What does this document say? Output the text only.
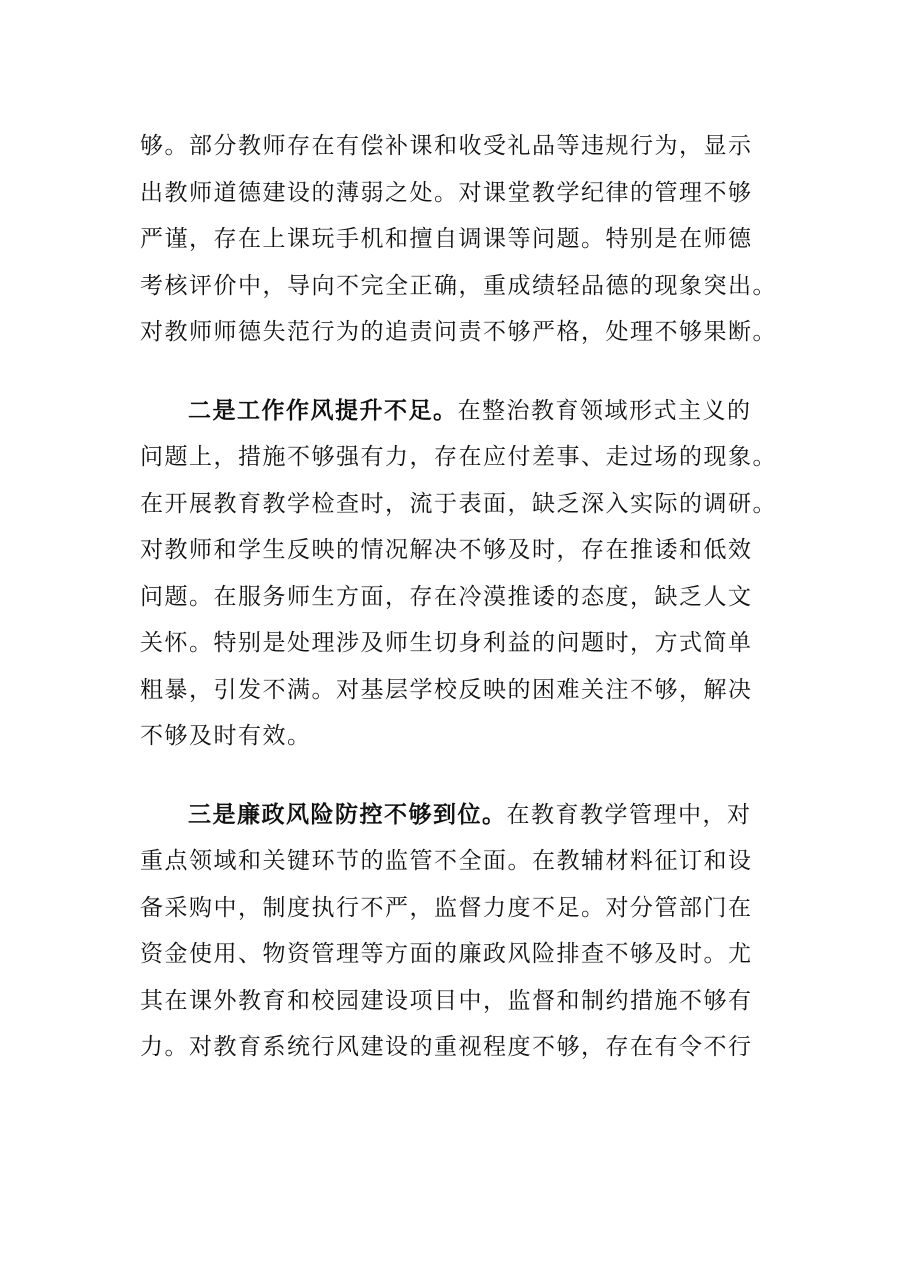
够。部分教师存在有偿补课和收受礼品等违规行为，显示
出教师道德建设的薄弱之处。对课堂教学纪律的管理不够
严谨，存在上课玩手机和擅自调课等问题。特别是在师德
考核评价中，导向不完全正确，重成绩轻品德的现象突出。
对教师师德失范行为的追责问责不够严格，处理不够果断。
二是工作作风提升不足。在整治教育领域形式主义的
问题上，措施不够强有力，存在应付差事、走过场的现象。
在开展教育教学检查时，流于表面，缺乏深入实际的调研。
对教师和学生反映的情况解决不够及时，存在推诿和低效
问题。在服务师生方面，存在冷漠推诿的态度，缺乏人文
关怀。特别是处理涉及师生切身利益的问题时，方式简单
粗暴，引发不满。对基层学校反映的困难关注不够，解决
不够及时有效。
三是廉政风险防控不够到位。在教育教学管理中，对
重点领域和关键环节的监管不全面。在教辅材料征订和设
备采购中，制度执行不严，监督力度不足。对分管部门在
资金使用、物资管理等方面的廉政风险排查不够及时。尤
其在课外教育和校园建设项目中，监督和制约措施不够有
力。对教育系统行风建设的重视程度不够，存在有令不行
